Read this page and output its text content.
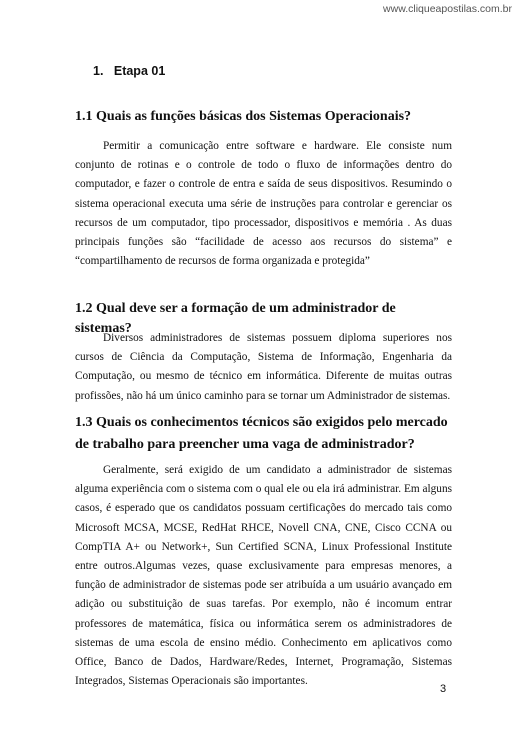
www.cliqueapostilas.com.br
1. Etapa 01
1.1 Quais as funções básicas dos Sistemas Operacionais?

Permitir a comunicação entre software e hardware. Ele consiste num conjunto de rotinas e o controle de todo o fluxo de informações dentro do computador, e fazer o controle de entra e saída de seus dispositivos. Resumindo o sistema operacional executa uma série de instruções para controlar e gerenciar os recursos de um computador, tipo processador, dispositivos e memória . As duas principais funções são “facilidade de acesso aos recursos do sistema” e “compartilhamento de recursos de forma organizada e protegida”

1.2 Qual deve ser a formação de um administrador de sistemas?

Diversos administradores de sistemas possuem diploma superiores nos cursos de Ciência da Computação, Sistema de Informação, Engenharia da Computação, ou mesmo de técnico em informática. Diferente de muitas outras profissões, não há um único caminho para se tornar um Administrador de sistemas.

1.3 Quais os conhecimentos técnicos são exigidos pelo mercado de trabalho para preencher uma vaga de administrador?

Geralmente, será exigido de um candidato a administrador de sistemas alguma experiência com o sistema com o qual ele ou ela irá administrar. Em alguns casos, é esperado que os candidatos possuam certificações do mercado tais como Microsoft MCSA, MCSE, RedHat RHCE, Novell CNA, CNE, Cisco CCNA ou CompTIA A+ ou Network+, Sun Certified SCNA, Linux Professional Institute entre outros.Algumas vezes, quase exclusivamente para empresas menores, a função de administrador de sistemas pode ser atribuída a um usuário avançado em adição ou substituição de suas tarefas. Por exemplo, não é incomum entrar professores de matemática, física ou informática serem os administradores de sistemas de uma escola de ensino médio. Conhecimento em aplicativos como Office, Banco de Dados, Hardware/Redes, Internet, Programação, Sistemas Integrados, Sistemas Operacionais são importantes.

3
